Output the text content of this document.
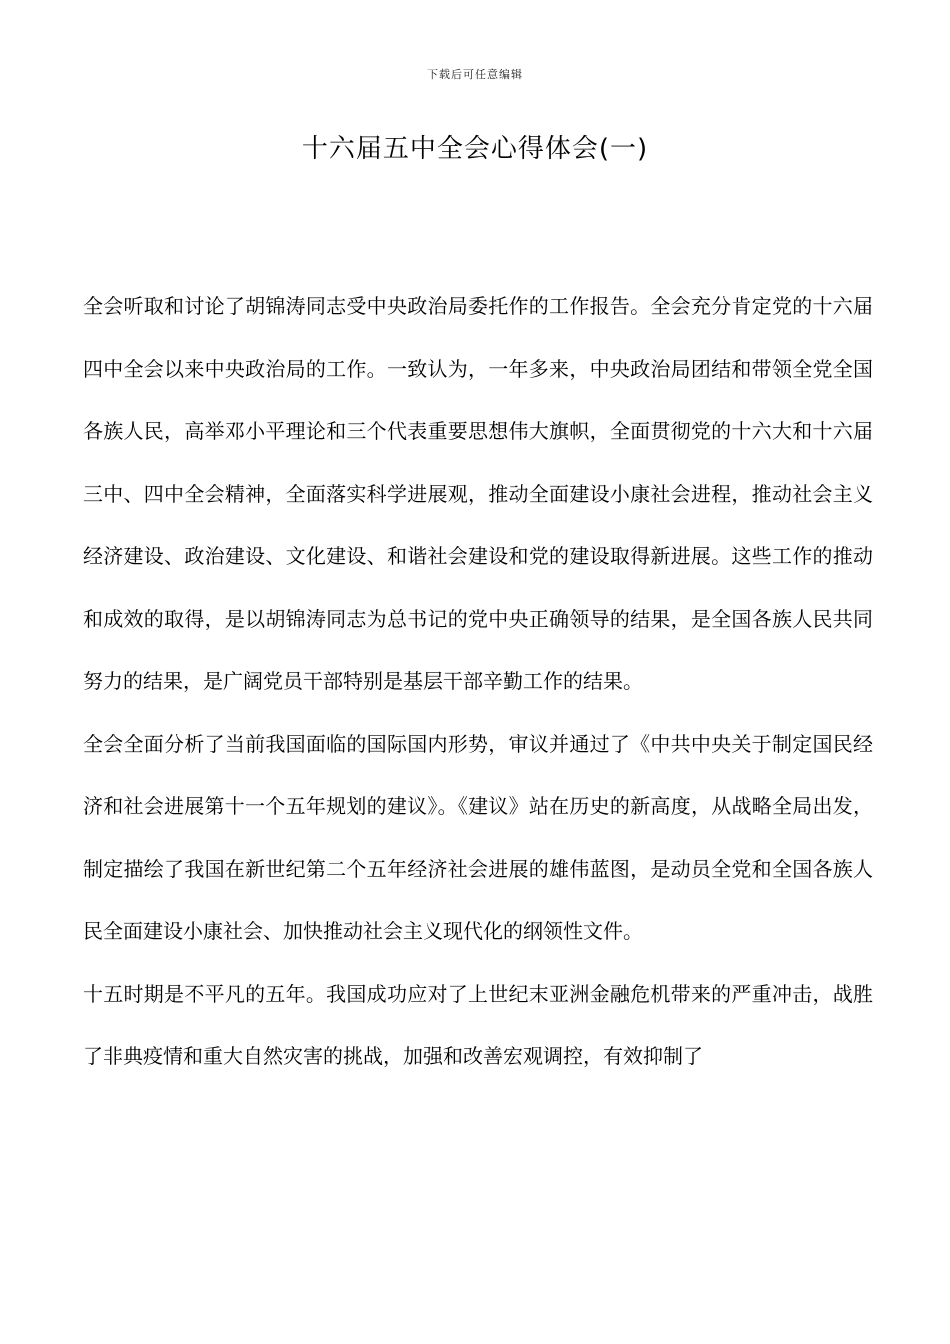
下载后可任意编辑
十六届五中全会心得体会(一)

全会听取和讨论了胡锦涛同志受中央政治局委托作的工作报告。全会充分肯定党的十六届四中全会以来中央政治局的工作。一致认为，一年多来，中央政治局团结和带领全党全国各族人民，高举邓小平理论和三个代表重要思想伟大旗帜，全面贯彻党的十六大和十六届三中、四中全会精神，全面落实科学进展观，推动全面建设小康社会进程，推动社会主义经济建设、政治建设、文化建设、和谐社会建设和党的建设取得新进展。这些工作的推动和成效的取得，是以胡锦涛同志为总书记的党中央正确领导的结果，是全国各族人民共同努力的结果，是广阔党员干部特别是基层干部辛勤工作的结果。

全会全面分析了当前我国面临的国际国内形势，审议并通过了《中共中央关于制定国民经济和社会进展第十一个五年规划的建议》。《建议》站在历史的新高度，从战略全局出发，制定描绘了我国在新世纪第二个五年经济社会进展的雄伟蓝图，是动员全党和全国各族人民全面建设小康社会、加快推动社会主义现代化的纲领性文件。

十五时期是不平凡的五年。我国成功应对了上世纪末亚洲金融危机带来的严重冲击，战胜了非典疫情和重大自然灾害的挑战，加强和改善宏观调控，有效抑制了
